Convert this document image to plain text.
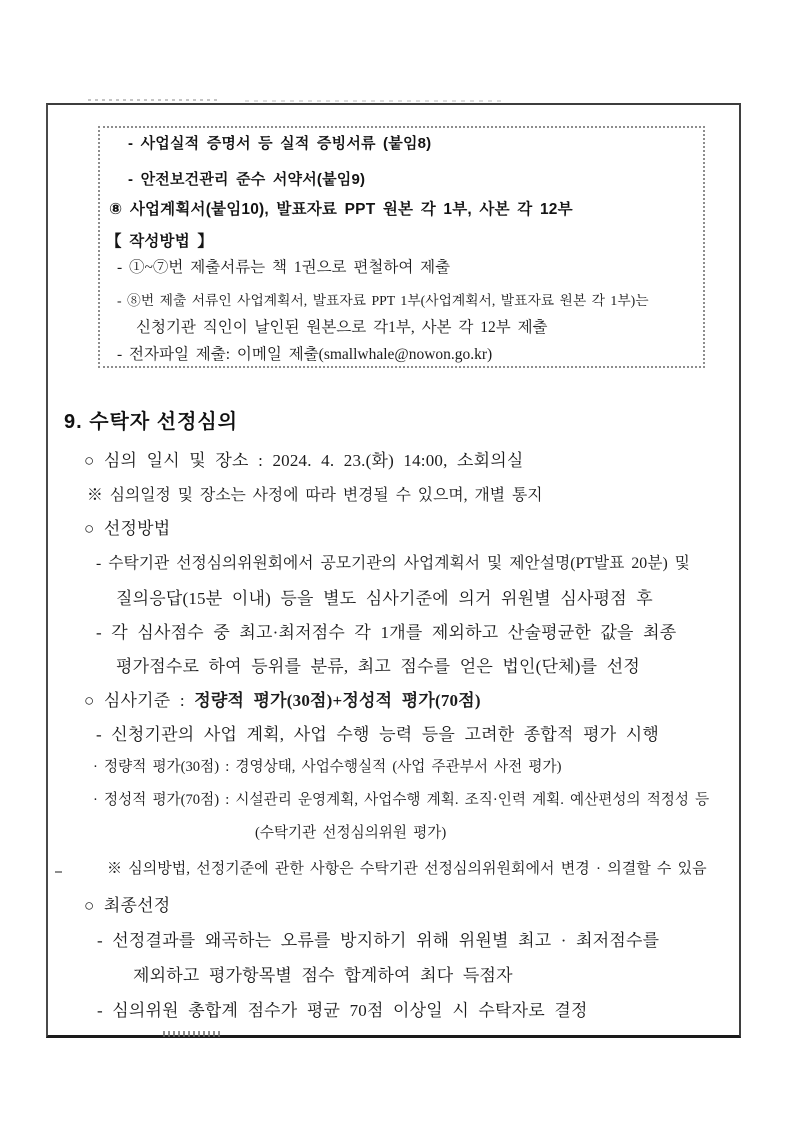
- 사업실적 증명서 등 실적 증빙서류 (붙임8)
- 안전보건관리 준수 서약서(붙임9)
⑧ 사업계획서(붙임10), 발표자료 PPT 원본 각 1부, 사본 각 12부
【 작성방법 】
- ①~⑦번 제출서류는 책 1권으로 편철하여 제출
- ⑧번 제출 서류인 사업계획서, 발표자료 PPT 1부(사업계획서, 발표자료 원본 각 1부)는
신청기관 직인이 날인된 원본으로 각1부, 사본 각 12부 제출
- 전자파일 제출: 이메일 제출(smallwhale@nowon.go.kr)
9. 수탁자 선정심의
○ 심의 일시 및 장소 : 2024. 4. 23.(화) 14:00, 소회의실
※ 심의일정 및 장소는 사정에 따라 변경될 수 있으며, 개별 통지
○ 선정방법
- 수탁기관 선정심의위원회에서 공모기관의 사업계획서 및 제안설명(PT발표 20분) 및
질의응답(15분 이내) 등을 별도 심사기준에 의거 위원별 심사평점 후
- 각 심사점수 중 최고·최저점수 각 1개를 제외하고 산술평균한 값을 최종
평가점수로 하여 등위를 분류, 최고 점수를 얻은 법인(단체)를 선정
○ 심사기준 : 정량적 평가(30점)+정성적 평가(70점)
- 신청기관의 사업 계획, 사업 수행 능력 등을 고려한 종합적 평가 시행
· 정량적 평가(30점) : 경영상태, 사업수행실적 (사업 주관부서 사전 평가)
· 정성적 평가(70점) : 시설관리 운영계획, 사업수행 계획. 조직·인력 계획. 예산편성의 적정성 등
(수탁기관 선정심의위원 평가)
※ 심의방법, 선정기준에 관한 사항은 수탁기관 선정심의위원회에서 변경 · 의결할 수 있음
○ 최종선정
- 선정결과를 왜곡하는 오류를 방지하기 위해 위원별 최고 · 최저점수를
제외하고 평가항목별 점수 합계하여 최다 득점자
- 심의위원 총합계 점수가 평균 70점 이상일 시 수탁자로 결정
